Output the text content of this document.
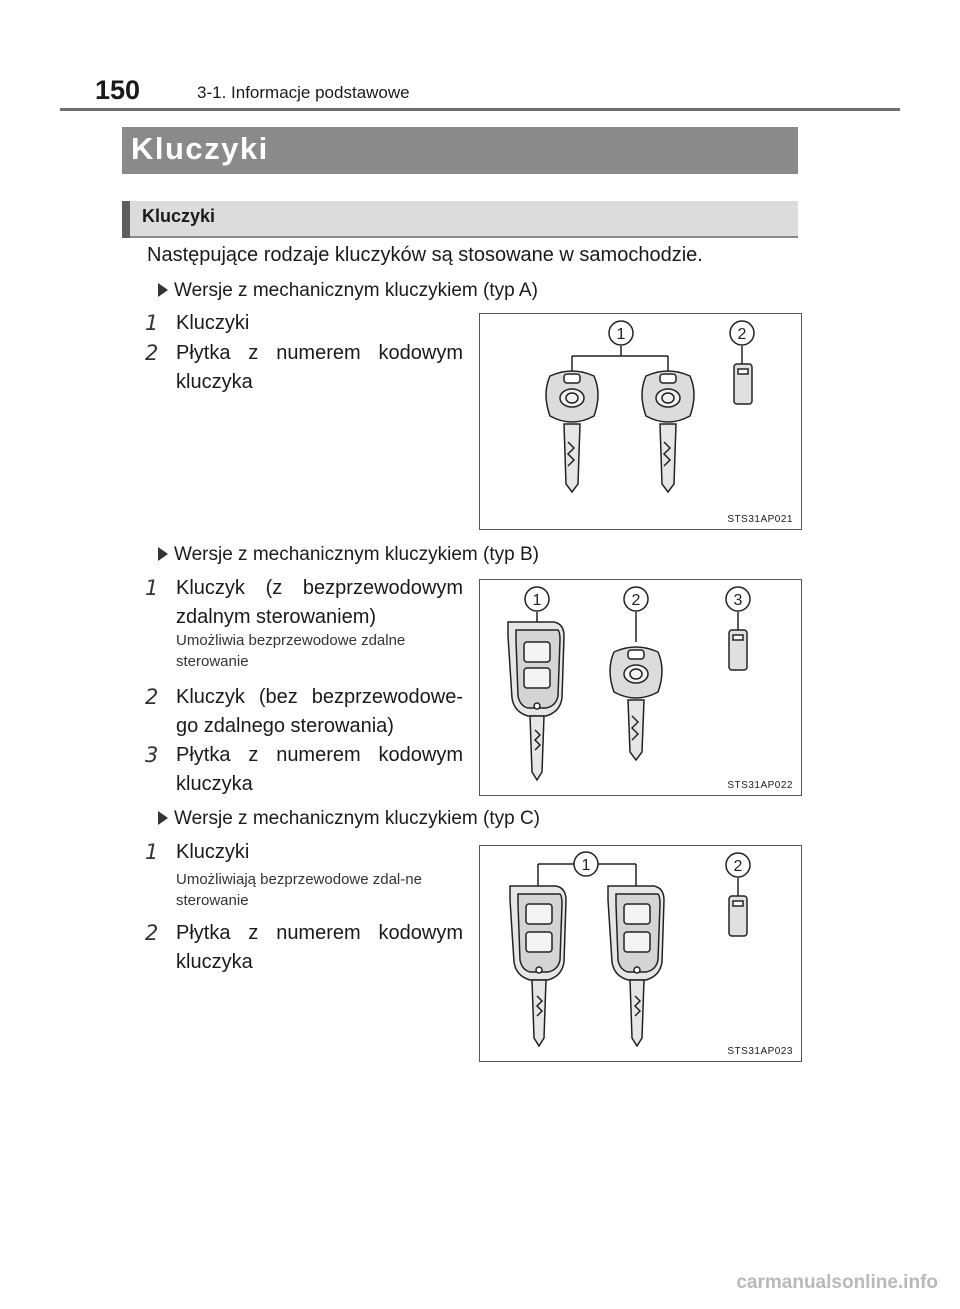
150	3-1. Informacje podstawowe
Kluczyki
Kluczyki
Następujące rodzaje kluczyków są stosowane w samochodzie.
Wersje z mechanicznym kluczykiem (typ A)
1 Kluczyki
2 Płytka z numerem kodowym kluczyka
1	2
STS31AP021
Wersje z mechanicznym kluczykiem (typ B)
1 Kluczyk (z bezprzewodowym zdalnym sterowaniem)
Umożliwia bezprzewodowe zdalne sterowanie
2 Kluczyk (bez bezprzewodowe-go zdalnego sterowania)
3 Płytka z numerem kodowym kluczyka
1	2	3
STS31AP022
Wersje z mechanicznym kluczykiem (typ C)
1 Kluczyki
Umożliwiają bezprzewodowe zdal-ne sterowanie
2 Płytka z numerem kodowym kluczyka
1	2
STS31AP023
carmanualsonline.info
